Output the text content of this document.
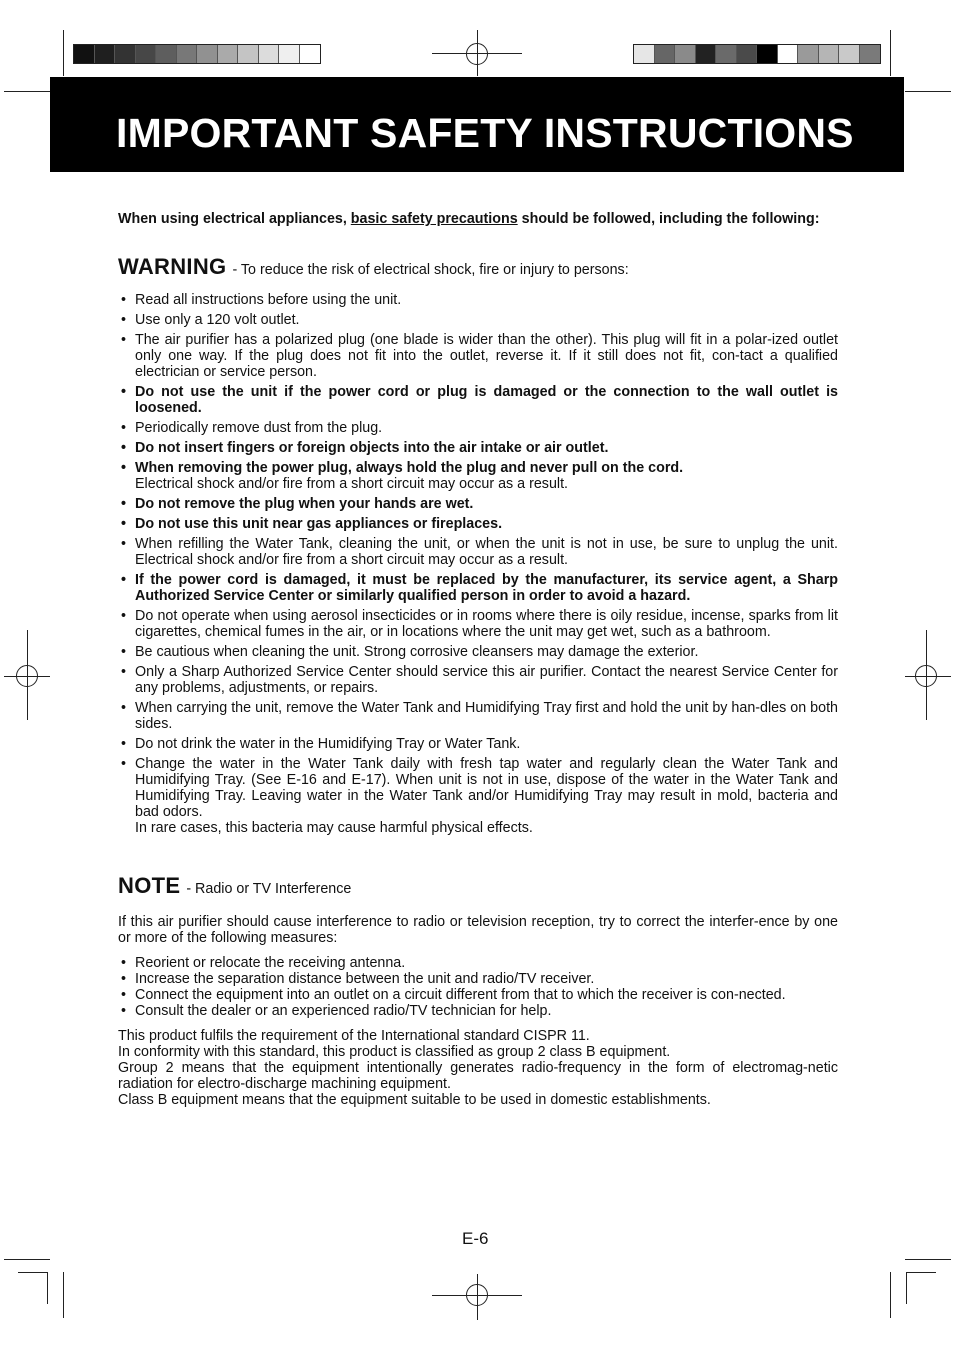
IMPORTANT SAFETY INSTRUCTIONS

When using electrical appliances, basic safety precautions should be followed, including the following:

WARNING - To reduce the risk of electrical shock, fire or injury to persons:
• Read all instructions before using the unit.
• Use only a 120 volt outlet.
• The air purifier has a polarized plug (one blade is wider than the other). This plug will fit in a polar-ized outlet only one way. If the plug does not fit into the outlet, reverse it. If it still does not fit, con-tact a qualified electrician or service person.
• Do not use the unit if the power cord or plug is damaged or the connection to the wall outlet is loosened.
• Periodically remove dust from the plug.
• Do not insert fingers or foreign objects into the air intake or air outlet.
• When removing the power plug, always hold the plug and never pull on the cord.
Electrical shock and/or fire from a short circuit may occur as a result.
• Do not remove the plug when your hands are wet.
• Do not use this unit near gas appliances or fireplaces.
• When refilling the Water Tank, cleaning the unit, or when the unit is not in use, be sure to unplug the unit. Electrical shock and/or fire from a short circuit may occur as a result.
• If the power cord is damaged, it must be replaced by the manufacturer, its service agent, a Sharp Authorized Service Center or similarly qualified person in order to avoid a hazard.
• Do not operate when using aerosol insecticides or in rooms where there is oily residue, incense, sparks from lit cigarettes, chemical fumes in the air, or in locations where the unit may get wet, such as a bathroom.
• Be cautious when cleaning the unit. Strong corrosive cleansers may damage the exterior.
• Only a Sharp Authorized Service Center should service this air purifier. Contact the nearest Service Center for any problems, adjustments, or repairs.
• When carrying the unit, remove the Water Tank and Humidifying Tray first and hold the unit by han-dles on both sides.
• Do not drink the water in the Humidifying Tray or Water Tank.
• Change the water in the Water Tank daily with fresh tap water and regularly clean the Water Tank and Humidifying Tray. (See E-16 and E-17). When unit is not in use, dispose of the water in the Water Tank and Humidifying Tray. Leaving water in the Water Tank and/or Humidifying Tray may result in mold, bacteria and bad odors.
In rare cases, this bacteria may cause harmful physical effects.
NOTE - Radio or TV Interference

If this air purifier should cause interference to radio or television reception, try to correct the interfer-ence by one or more of the following measures:

• Reorient or relocate the receiving antenna.
• Increase the separation distance between the unit and radio/TV receiver.
• Connect the equipment into an outlet on a circuit different from that to which the receiver is con-nected.
• Consult the dealer or an experienced radio/TV technician for help.

This product fulfils the requirement of the International standard CISPR 11.

In conformity with this standard, this product is classified as group 2 class B equipment.

Group 2 means that the equipment intentionally generates radio-frequency in the form of electromag-netic radiation for electro-discharge machining equipment.

Class B equipment means that the equipment suitable to be used in domestic establishments.

E-6
